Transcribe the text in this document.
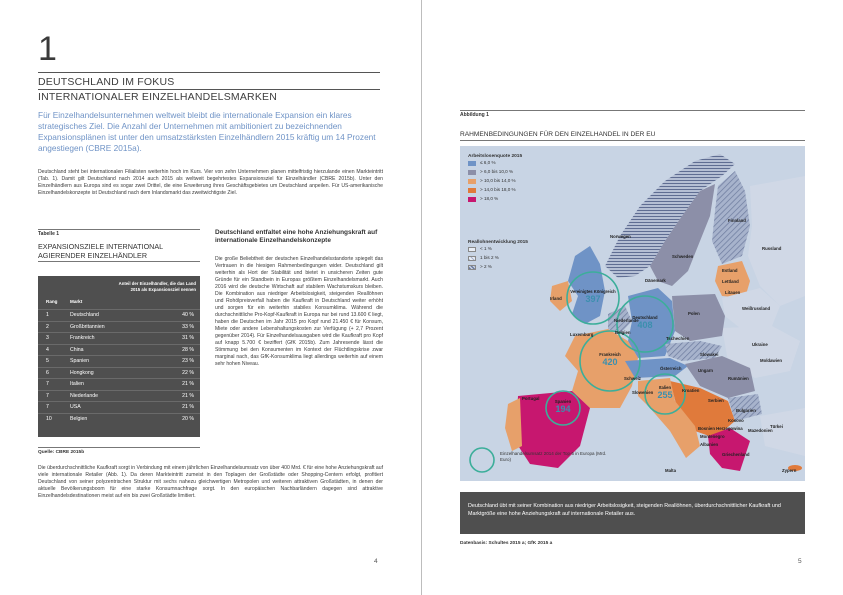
1
DEUTSCHLAND IM FOKUS
INTERNATIONALER EINZELHANDELSMARKEN

Für Einzelhandelsunternehmen weltweit bleibt die internationale Expansion ein klares strategisches Ziel. Die Anzahl der Unternehmen mit ambitioniert zu bezeichnenden Expansionsplänen ist unter den umsatzstärksten Einzelhändlern 2015 kräftig um 14 Prozent angestiegen (CBRE 2015a).

Deutschland steht bei internationalen Filialisten weiterhin hoch im Kurs. Vier von zehn Unternehmen planen mittelfristig hierzulande einen Markteintritt (Tab. 1). Damit gilt Deutschland nach 2014 auch 2015 als weltweit begehrtestes Expansionsziel für Einzelhändler (CBRE 2015b). Unter den Einzelhändlern aus Europa sind es sogar zwei Drittel, die eine Erweiterung ihres Geschäftsgebietes um Deutschland anpeilen. Für US-amerikanische Einzelhandelskonzepte ist Deutschland nach dem Inlandsmarkt das zweitwichtigste Ziel.

Tabelle 1
EXPANSIONSZIELE INTERNATIONAL
AGIERENDER EINZELHÄNDLER
Anteil der Einzelhändler, die das Land 2015 als Expansionsziel nennen
Rang	Markt
1	Deutschland	40 %
2	Großbritannien	33 %
3	Frankreich	31 %
4	China	28 %
5	Spanien	23 %
6	Hongkong	22 %
7	Italien	21 %
7	Niederlande	21 %
7	USA	21 %
10	Belgien	20 %
Quelle: CBRE 2015b
Deutschland entfaltet eine hohe Anziehungskraft auf internationale Einzelhandelskonzepte

Die große Beliebtheit der deutschen Einzelhandelsstandorte spiegelt das Vertrauen in die hiesigen Rahmenbedingungen wider. Deutschland gilt weiterhin als Hort der Stabilität und bietet in unsicheren Zeiten gute Gründe für ein Standbein in Europas größtem Einzelhandelsmarkt. Auch 2016 wird die deutsche Wirtschaft auf stabilem Wachstumskurs bleiben. Die Kombination aus niedriger Arbeitslosigkeit, steigenden Reallöhnen und Rohölpreisverfall haben die Kaufkraft in Deutschland weiter erhöht und sorgen für ein weiterhin stabiles Konsumklima. Während die durchschnittliche Pro-Kopf-Kaufkraft in Europa nur bei rund 13.600 € liegt, haben die Deutschen im Jahr 2015 pro Kopf rund 21.450 € für Konsum, Miete oder andere Lebenshaltungskosten zur Verfügung (+ 2,7 Prozent gegenüber 2014). Für Einzelhandelsausgaben wird die Kaufkraft pro Kopf auf knapp 5.700 € beziffert (GfK 2015b). Zum Jahresende lässt die Stimmung bei den Konsumenten im Kontext der Flüchtlingskrise zwar marginal nach, das GfK-Konsumklima liegt allerdings weiterhin auf einem sehr hohen Niveau.

Die überdurchschnittliche Kaufkraft sorgt in Verbindung mit einem jährlichen Einzelhandelsumsatz von über 400 Mrd. € für eine hohe Anziehungskraft auf viele internationale Retailer (Abb. 1). Da deren Markteintritt zumeist in den Toplagen der Großstädte oder Shopping-Centern erfolgt, profitiert Deutschland von seiner polyzentrischen Struktur mit sechs nahezu gleichwertigen Metropolen und weiteren attraktiven Großstädten, in denen der aktuelle Bevölkerungsboom für eine starke Konsumnachfrage sorgt. In den europäischen Nachbarländern dagegen sind attraktive Einzelhandelsdestinationen meist auf ein bis zwei Großstädte limitiert.

4
Abbildung 1
RAHMENBEDINGUNGEN FÜR DEN EINZELHANDEL IN DER EU
Arbeitslosenquote 2015
≤ 6,0 %
> 6,0 bis 10,0 %
> 10,0 bis 14,0 %
> 14,0 bis 18,0 %
> 18,0 %
Reallohnentwicklung 2015
< 1 %
1 bis 2 %
> 2 %
Vereinigtes Königreich
397
Deutschland
408
Frankreich
420
Italien
255
Spanien
194
Finnland
Norwegen
Schweden
Russland
Estland
Lettland
Dänemark
Litauen
Irland
Weißrussland
Niederlande
Belgien
Polen
Luxemburg
Ukraine
Tschechien
Slowakei
Österreich
Moldawien
Schweiz
Ungarn
Slowenien
Rumänien
Kroatien
Serbien
Bosnien Herzegowina
Bulgarien
Portugal
Montenegro
Kosovo
Mazedonien
Albanien
Türkei
Griechenland
Malta	Zypern
Einzelhandelsumsatz 2014 der Top-5 in Europa (Mrd. Euro)
Deutschland übt mit seiner Kombination aus niedriger Arbeitslosigkeit, steigenden Reallöhnen, überdurchschnittlicher Kaufkraft und Marktgröße eine hohe Anziehungskraft auf internationale Retailer aus.
Datenbasis: Schultes 2015 a; GfK 2015 a
5
